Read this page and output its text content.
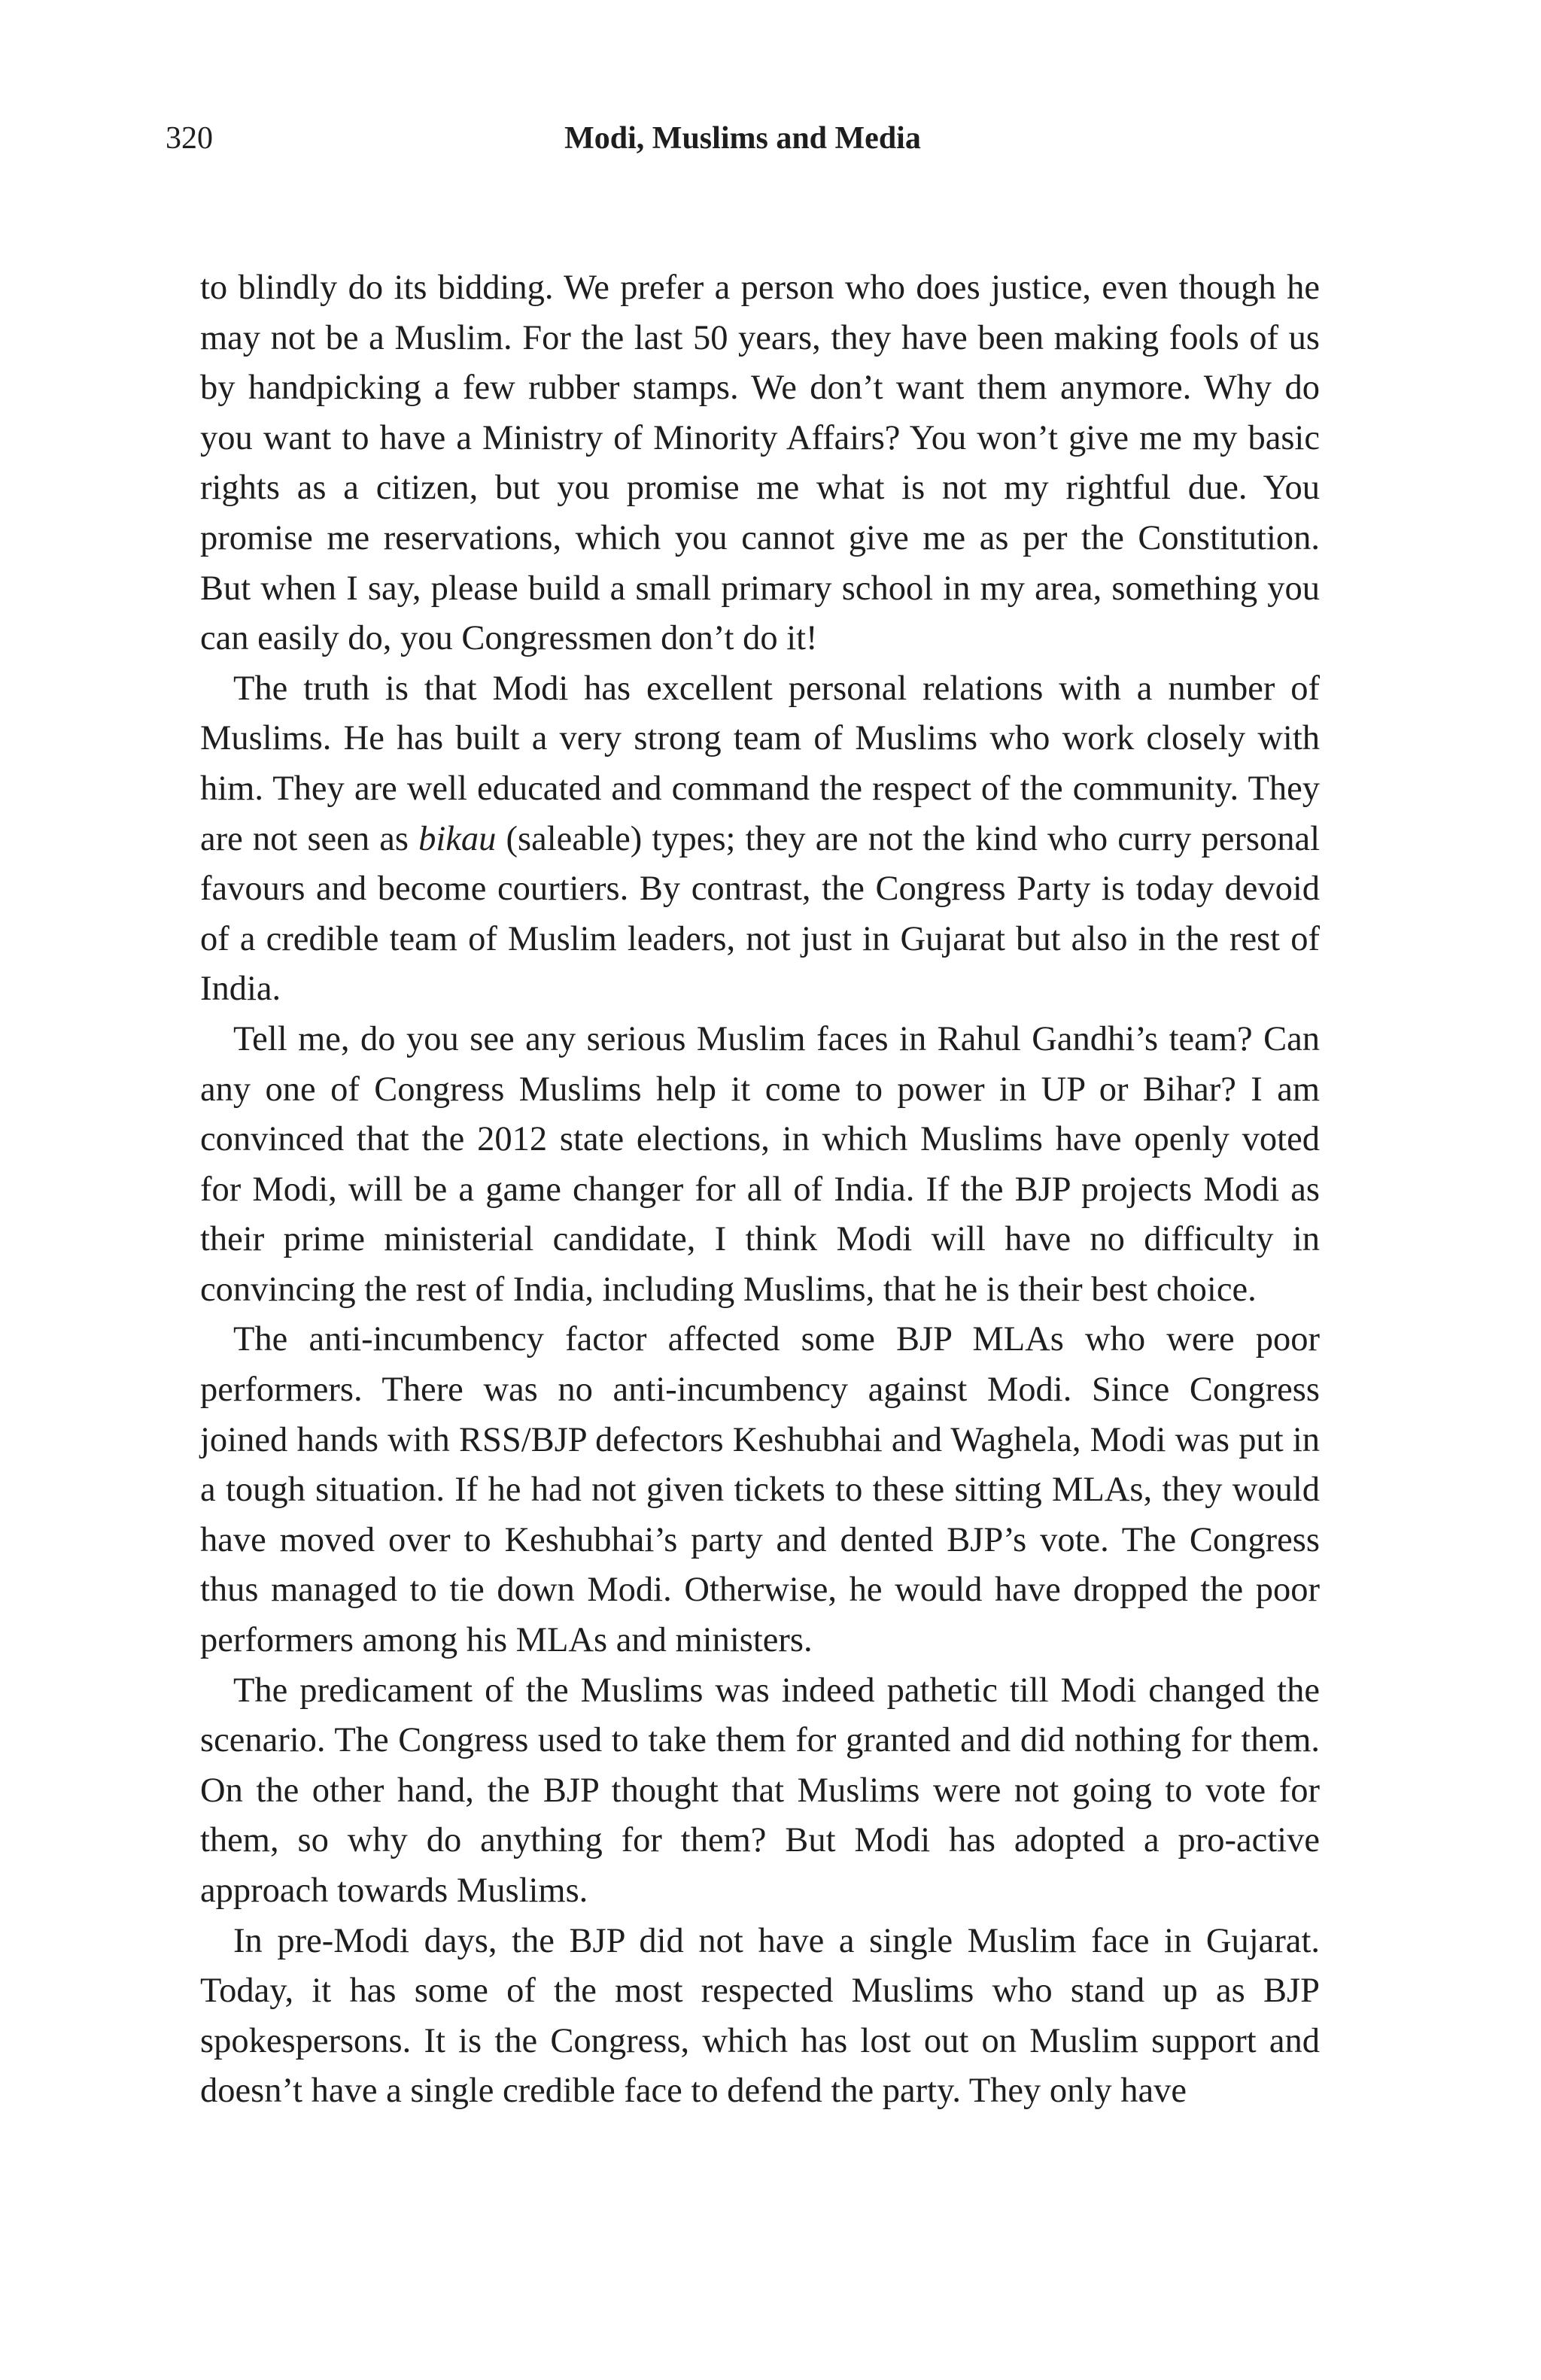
320	Modi, Muslims and Media

to blindly do its bidding. We prefer a person who does justice, even though he may not be a Muslim. For the last 50 years, they have been making fools of us by handpicking a few rubber stamps. We don’t want them anymore. Why do you want to have a Ministry of Minority Affairs? You won’t give me my basic rights as a citizen, but you promise me what is not my rightful due. You promise me reservations, which you cannot give me as per the Constitution. But when I say, please build a small primary school in my area, something you can easily do, you Congressmen don’t do it!

The truth is that Modi has excellent personal relations with a number of Muslims. He has built a very strong team of Muslims who work closely with him. They are well educated and command the respect of the community. They are not seen as bikau (saleable) types; they are not the kind who curry personal favours and become courtiers. By contrast, the Congress Party is today devoid of a credible team of Muslim leaders, not just in Gujarat but also in the rest of India.

Tell me, do you see any serious Muslim faces in Rahul Gandhi’s team? Can any one of Congress Muslims help it come to power in UP or Bihar? I am convinced that the 2012 state elections, in which Muslims have openly voted for Modi, will be a game changer for all of India. If the BJP projects Modi as their prime ministerial candidate, I think Modi will have no difficulty in convincing the rest of India, including Muslims, that he is their best choice.

The anti-incumbency factor affected some BJP MLAs who were poor performers. There was no anti-incumbency against Modi. Since Congress joined hands with RSS/BJP defectors Keshubhai and Waghela, Modi was put in a tough situation. If he had not given tickets to these sitting MLAs, they would have moved over to Keshubhai’s party and dented BJP’s vote. The Congress thus managed to tie down Modi. Otherwise, he would have dropped the poor performers among his MLAs and ministers.

The predicament of the Muslims was indeed pathetic till Modi changed the scenario. The Congress used to take them for granted and did nothing for them. On the other hand, the BJP thought that Muslims were not going to vote for them, so why do anything for them? But Modi has adopted a pro-active approach towards Muslims.

In pre-Modi days, the BJP did not have a single Muslim face in Gujarat. Today, it has some of the most respected Muslims who stand up as BJP spokespersons. It is the Congress, which has lost out on Muslim support and doesn’t have a single credible face to defend the party. They only have
